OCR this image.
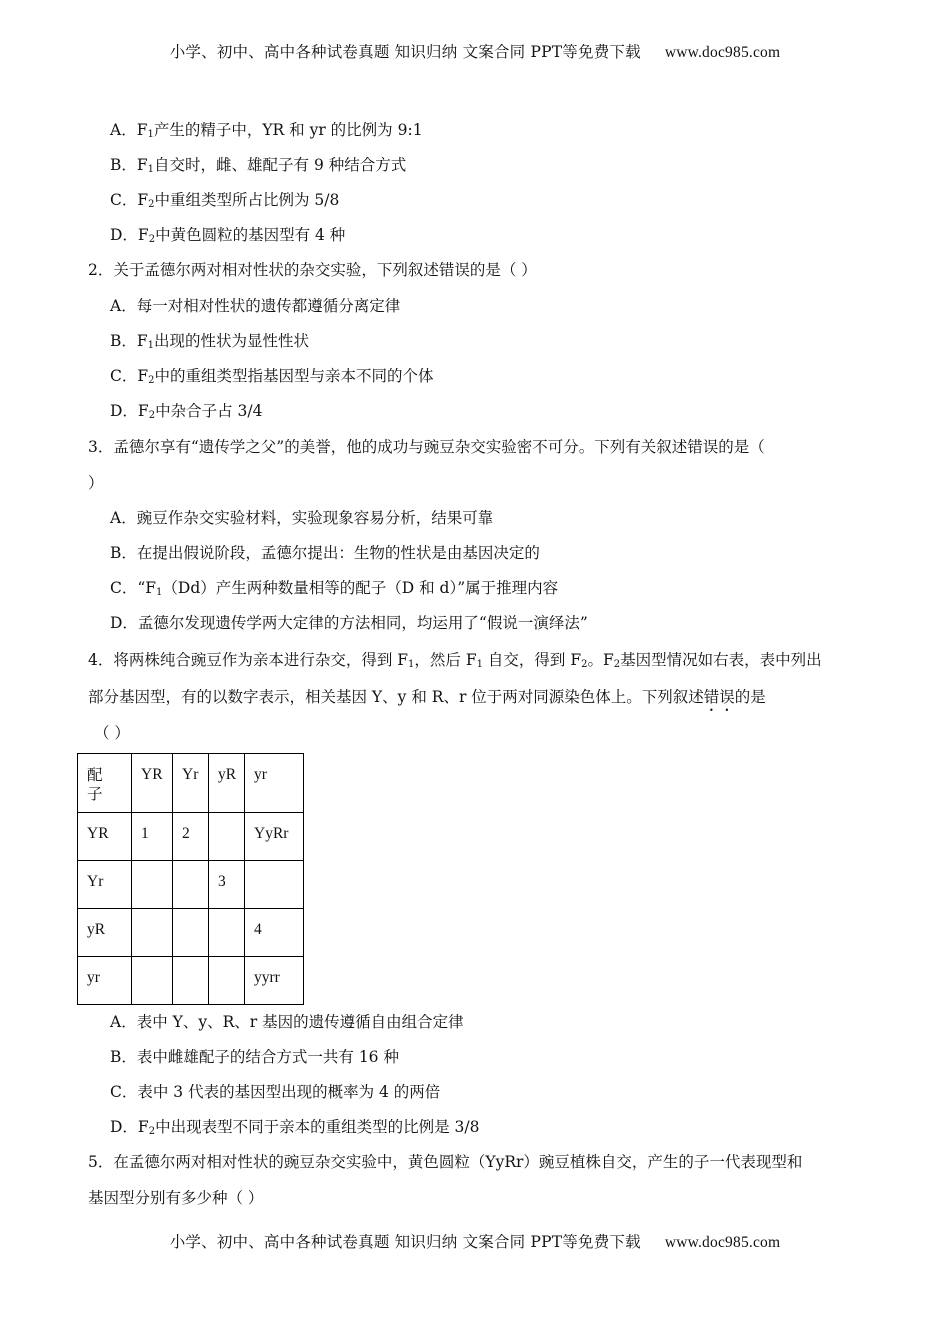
小学、初中、高中各种试卷真题 知识归纳 文案合同 PPT等免费下载 www.doc985.com
A．$F_1$产生的精子中，YR 和 yr 的比例为 9:1
B．$F_1$自交时，雌、雄配子有 9 种结合方式
C．$F_2$中重组类型所占比例为 5/8
D．$F_2$中黄色圆粒的基因型有 4 种
2．关于孟德尔两对相对性状的杂交实验，下列叙述错误的是（ ）
A．每一对相对性状的遗传都遵循分离定律
B．$F_1$出现的性状为显性性状
C．$F_2$中的重组类型指基因型与亲本不同的个体
D．$F_2$中杂合子占 3/4
3．孟德尔享有“遗传学之父”的美誉，他的成功与豌豆杂交实验密不可分。下列有关叙述错误的是（
）
A．豌豆作杂交实验材料，实验现象容易分析，结果可靠
B．在提出假说阶段，孟德尔提出：生物的性状是由基因决定的
C．“$F_1(Dd)$产生两种数量相等的配子（D 和 d）”属于推理内容
D．孟德尔发现遗传学两大定律的方法相同，均运用了“假说一演绎法”
4．将两株纯合豌豆作为亲本进行杂交，得到 $F_1$，然后 $F_1$ 自交，得到 $F_2$。$F_2$基因型情况如右表，表中列出
部分基因型，有的以数字表示，相关基因 Y、y 和 R、r 位于两对同源染色体上。下列叙述错误的是
（ ）
配子	YR	Yr	yR	yr
YR	1	2		YyRr
Yr			3	
yR				4
yr				yyrr
A．表中 Y、y、R、r 基因的遗传遵循自由组合定律
B．表中雌雄配子的结合方式一共有 16 种
C．表中 3 代表的基因型出现的概率为 4 的两倍
D．$F_2$中出现表型不同于亲本的重组类型的比例是 3/8
5．在孟德尔两对相对性状的豌豆杂交实验中，黄色圆粒（YyRr）豌豆植株自交，产生的子一代表现型和
基因型分别有多少种（ ）
小学、初中、高中各种试卷真题 知识归纳 文案合同 PPT等免费下载 www.doc985.com
